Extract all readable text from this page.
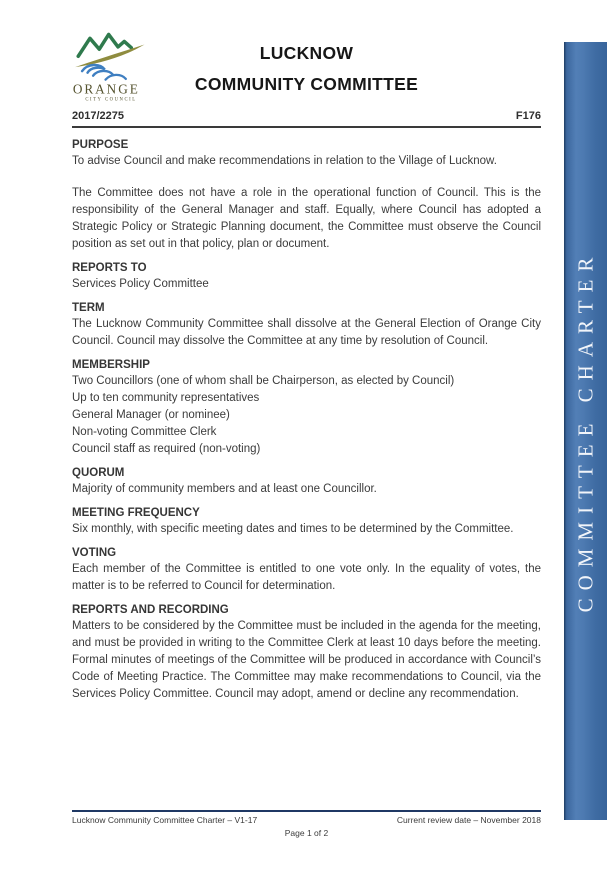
COMMITTEE CHARTER
ORANGE
CITY COUNCIL
LUCKNOW
COMMUNITY COMMITTEE
2017/2275	F176
PURPOSE

To advise Council and make recommendations in relation to the Village of Lucknow.

The Committee does not have a role in the operational function of Council. This is the responsibility of the General Manager and staff. Equally, where Council has adopted a Strategic Policy or Strategic Planning document, the Committee must observe the Council position as set out in that policy, plan or document.

REPORTS TO

Services Policy Committee

TERM

The Lucknow Community Committee shall dissolve at the General Election of Orange City Council. Council may dissolve the Committee at any time by resolution of Council.

MEMBERSHIP
Two Councillors (one of whom shall be Chairperson, as elected by Council)
Up to ten community representatives
General Manager (or nominee)
Non-voting Committee Clerk
Council staff as required (non-voting)
QUORUM

Majority of community members and at least one Councillor.

MEETING FREQUENCY

Six monthly, with specific meeting dates and times to be determined by the Committee.

VOTING

Each member of the Committee is entitled to one vote only. In the equality of votes, the matter is to be referred to Council for determination.

REPORTS AND RECORDING

Matters to be considered by the Committee must be included in the agenda for the meeting, and must be provided in writing to the Committee Clerk at least 10 days before the meeting. Formal minutes of meetings of the Committee will be produced in accordance with Council’s Code of Meeting Practice. The Committee may make recommendations to Council, via the Services Policy Committee. Council may adopt, amend or decline any recommendation.

Lucknow Community Committee Charter – V1-17	Current review date – November 2018
Page 1 of 2
